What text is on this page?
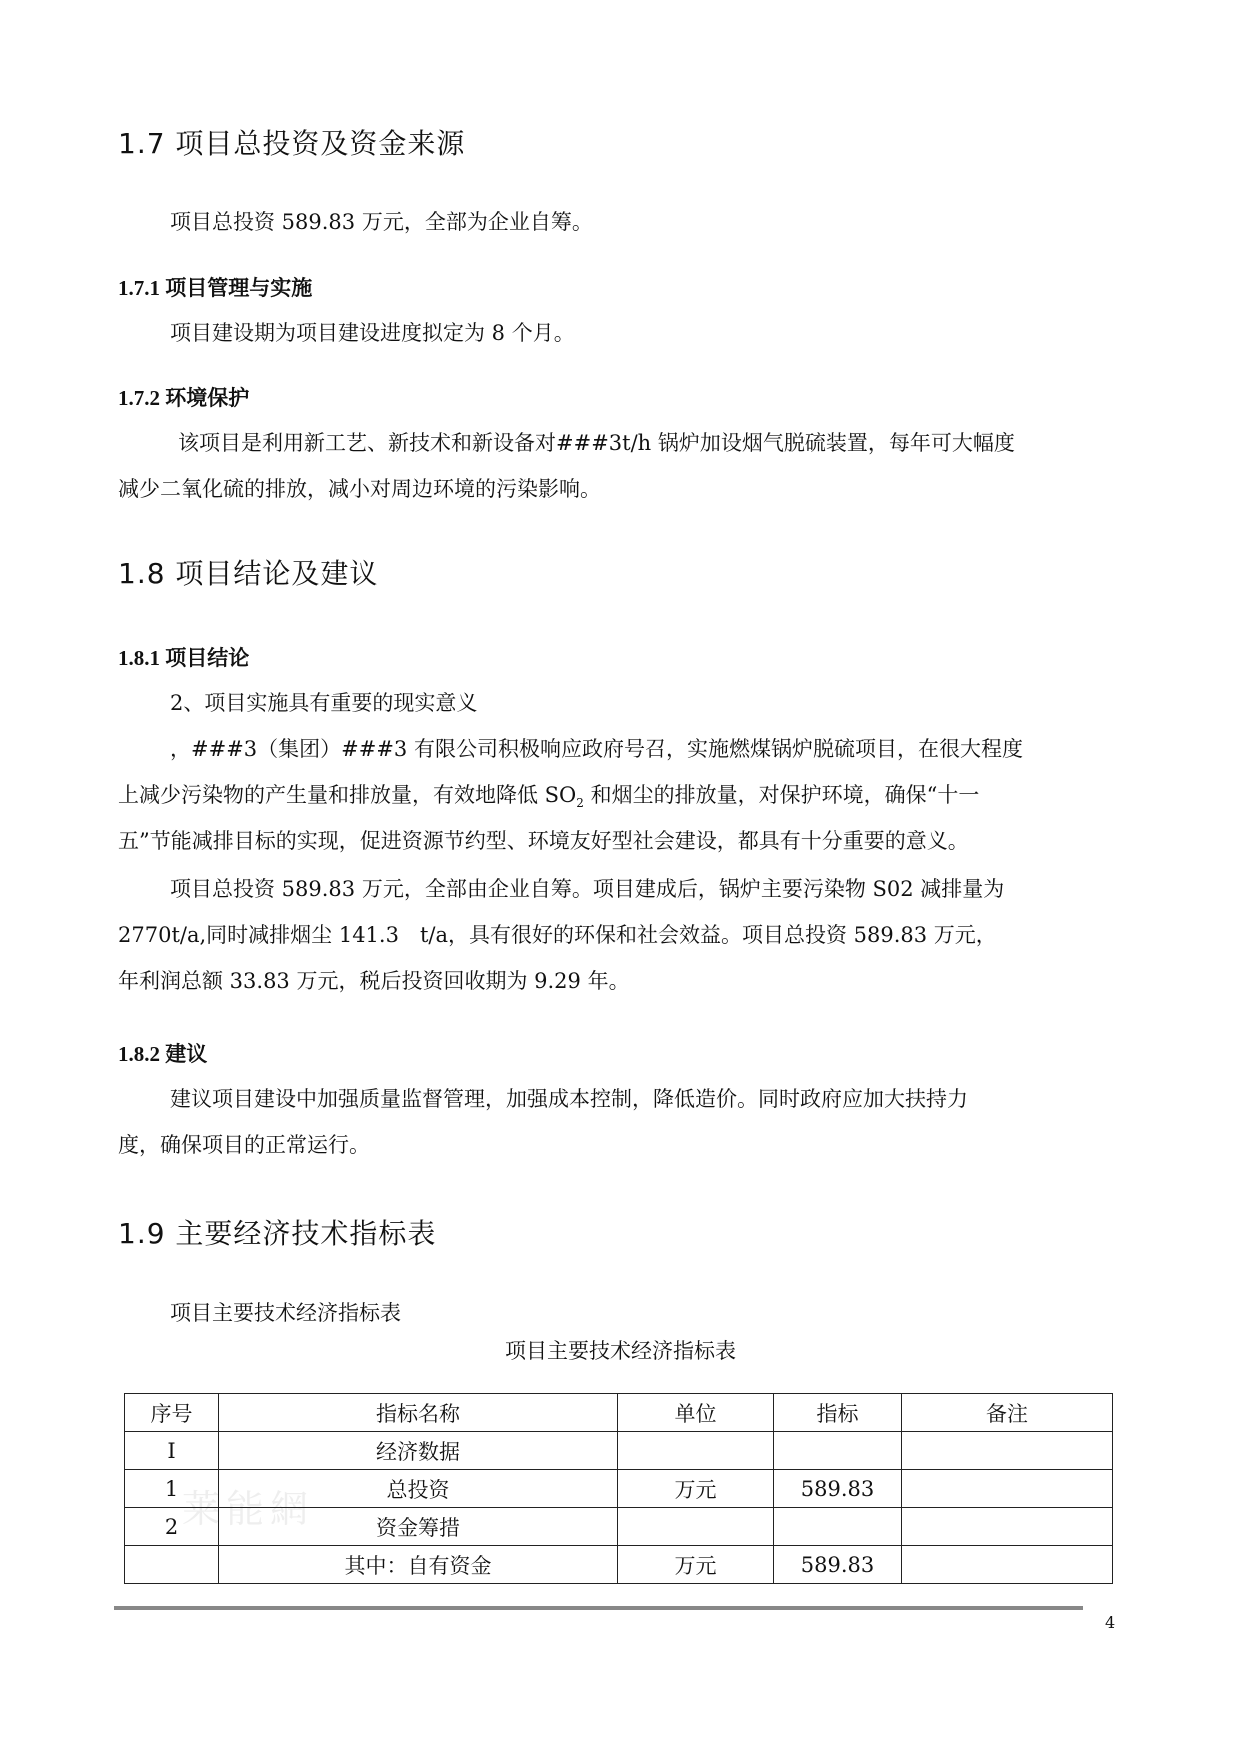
莱能網
1.7 项目总投资及资金来源
项目总投资 589.83 万元，全部为企业自筹。
1.7.1 项目管理与实施
项目建设期为项目建设进度拟定为 8 个月。
1.7.2 环境保护
该项目是利用新工艺、新技术和新设备对###3t/h 锅炉加设烟气脱硫装置，每年可大幅度
减少二氧化硫的排放，减小对周边环境的污染影响。
1.8 项目结论及建议
1.8.1 项目结论
2、项目实施具有重要的现实意义
，###3（集团）###3 有限公司积极响应政府号召，实施燃煤锅炉脱硫项目，在很大程度
上减少污染物的产生量和排放量，有效地降低 $SO_2$ 和烟尘的排放量，对保护环境，确保“十一
五”节能减排目标的实现，促进资源节约型、环境友好型社会建设，都具有十分重要的意义。
项目总投资 589.83 万元，全部由企业自筹。项目建成后，锅炉主要污染物 S02 减排量为
2770t/a,同时减排烟尘 141.3　t/a，具有很好的环保和社会效益。项目总投资 589.83 万元，
年利润总额 33.83 万元，税后投资回收期为 9.29 年。
1.8.2 建议
建议项目建设中加强质量监督管理，加强成本控制，降低造价。同时政府应加大扶持力
度，确保项目的正常运行。
1.9 主要经济技术指标表
项目主要技术经济指标表
项目主要技术经济指标表
序号	指标名称	单位	指标	备注
Ⅰ	经济数据			
1	总投资	万元	589.83	
2	资金筹措			
	其中：自有资金	万元	589.83	
4
